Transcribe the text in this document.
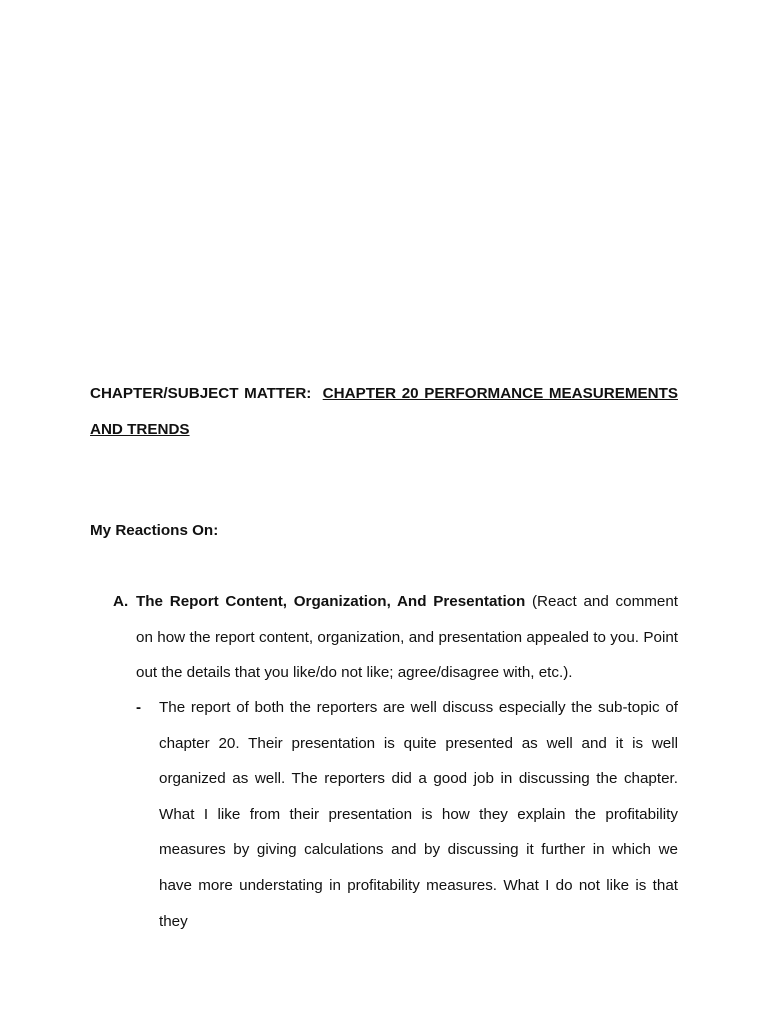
CHAPTER/SUBJECT MATTER: CHAPTER 20 PERFORMANCE MEASUREMENTS
AND TRENDS
My Reactions On:
A. The Report Content, Organization, And Presentation (React and comment on how the report content, organization, and presentation appealed to you. Point out the details that you like/do not like; agree/disagree with, etc.).
- The report of both the reporters are well discuss especially the sub-topic of chapter 20. Their presentation is quite presented as well and it is well organized as well. The reporters did a good job in discussing the chapter. What I like from their presentation is how they explain the profitability measures by giving calculations and by discussing it further in which we have more understating in profitability measures. What I do not like is that they
